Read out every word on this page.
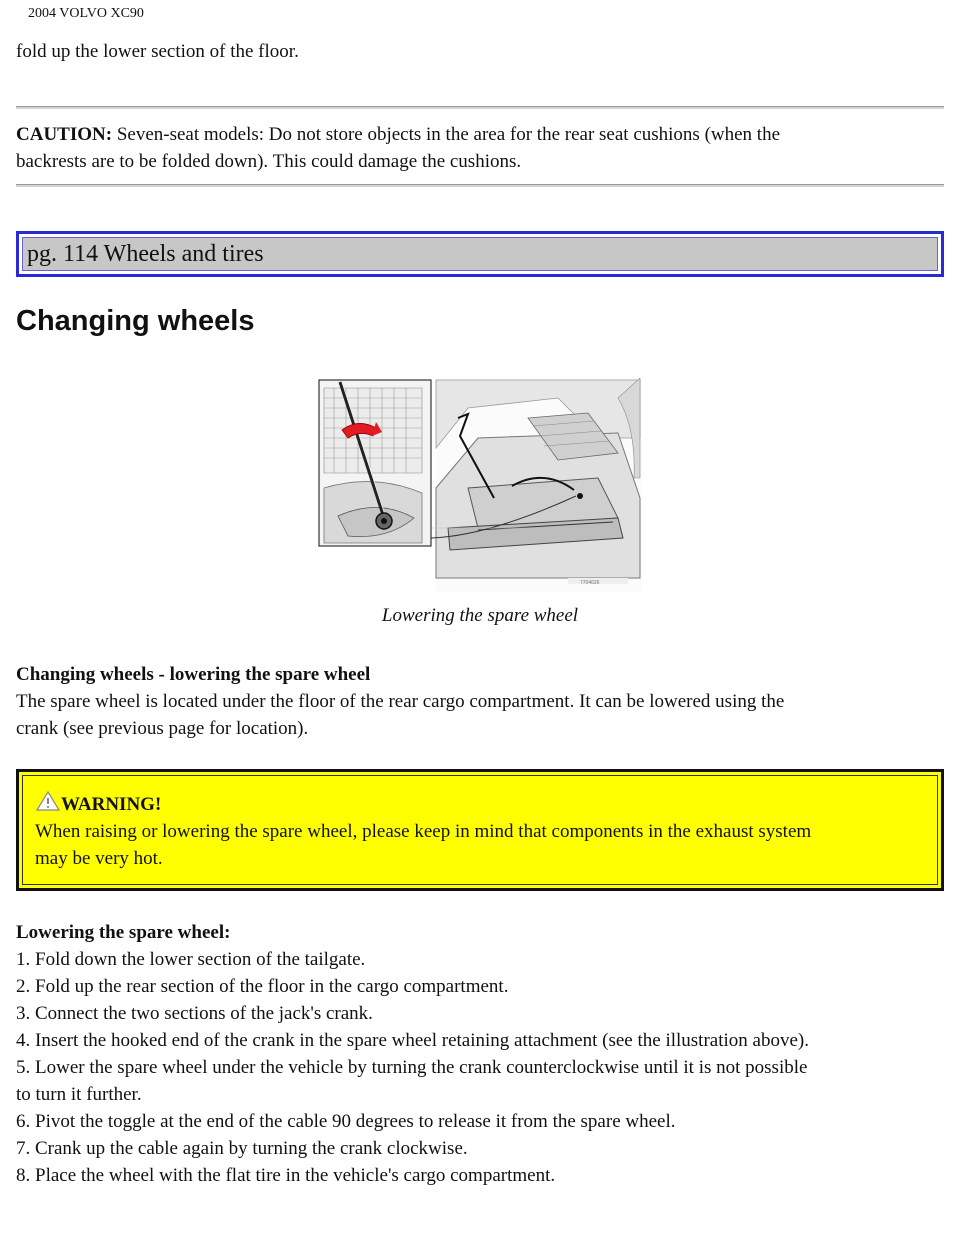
2004 VOLVO XC90

fold up the lower section of the floor.

CAUTION: Seven-seat models: Do not store objects in the area for the rear seat cushions (when the
backrests are to be folded down). This could damage the cushions.

pg. 114 Wheels and tires
Changing wheels
7704626
Lowering the spare wheel

Changing wheels - lowering the spare wheel
The spare wheel is located under the floor of the rear cargo compartment. It can be lowered using the
crank (see previous page for location).

WARNING!
When raising or lowering the spare wheel, please keep in mind that components in the exhaust system
may be very hot.
Lowering the spare wheel:
1. Fold down the lower section of the tailgate.
2. Fold up the rear section of the floor in the cargo compartment.
3. Connect the two sections of the jack's crank.
4. Insert the hooked end of the crank in the spare wheel retaining attachment (see the illustration above).
5. Lower the spare wheel under the vehicle by turning the crank counterclockwise until it is not possible
to turn it further.
6. Pivot the toggle at the end of the cable 90 degrees to release it from the spare wheel.
7. Crank up the cable again by turning the crank clockwise.
8. Place the wheel with the flat tire in the vehicle's cargo compartment.
